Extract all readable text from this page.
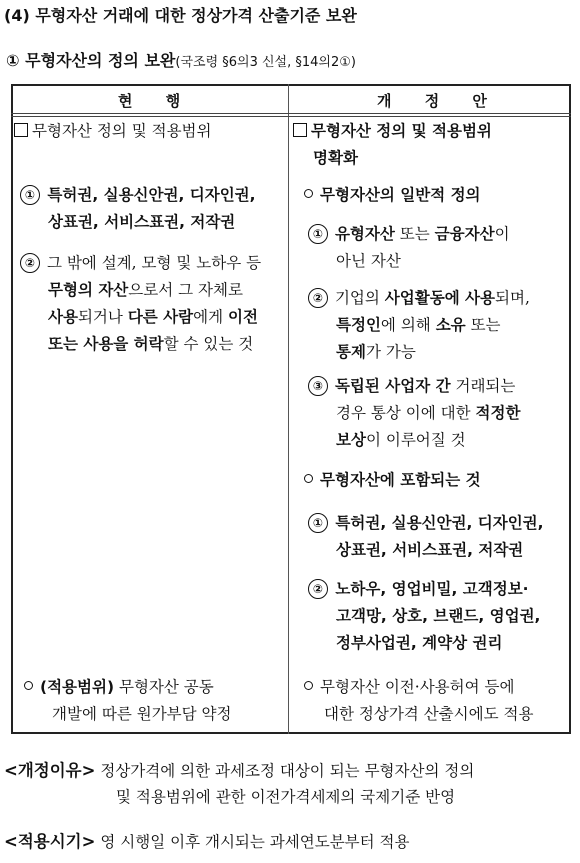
(4) 무형자산 거래에 대한 정상가격 산출기준 보완
① 무형자산의 정의 보완(국조령 §6의3 신설, §14의2①)
현 행	개 정 안

무형자산 정의 및 적용범위

① 특허권, 실용신안권, 디자인권,

상표권, 서비스표권, 저작권

② 그 밖에 설계, 모형 및 노하우 등

무형의 자산으로서 그 자체로

사용되거나 다른 사람에게 이전

또는 사용을 허락할 수 있는 것

(적용범위) 무형자산 공동

개발에 따른 원가부담 약정

무형자산 정의 및 적용범위

명확화

무형자산의 일반적 정의

① 유형자산 또는 금융자산이

아닌 자산

② 기업의 사업활동에 사용되며,

특정인에 의해 소유 또는

통제가 가능

③ 독립된 사업자 간 거래되는

경우 통상 이에 대한 적정한

보상이 이루어질 것

무형자산에 포함되는 것

① 특허권, 실용신안권, 디자인권,

상표권, 서비스표권, 저작권

② 노하우, 영업비밀, 고객정보·

고객망, 상호, 브랜드, 영업권,

정부사업권, 계약상 권리

무형자산 이전·사용허여 등에

대한 정상가격 산출시에도 적용

<개정이유> 정상가격에 의한 과세조정 대상이 되는 무형자산의 정의
및 적용범위에 관한 이전가격세제의 국제기준 반영
<적용시기> 영 시행일 이후 개시되는 과세연도분부터 적용
